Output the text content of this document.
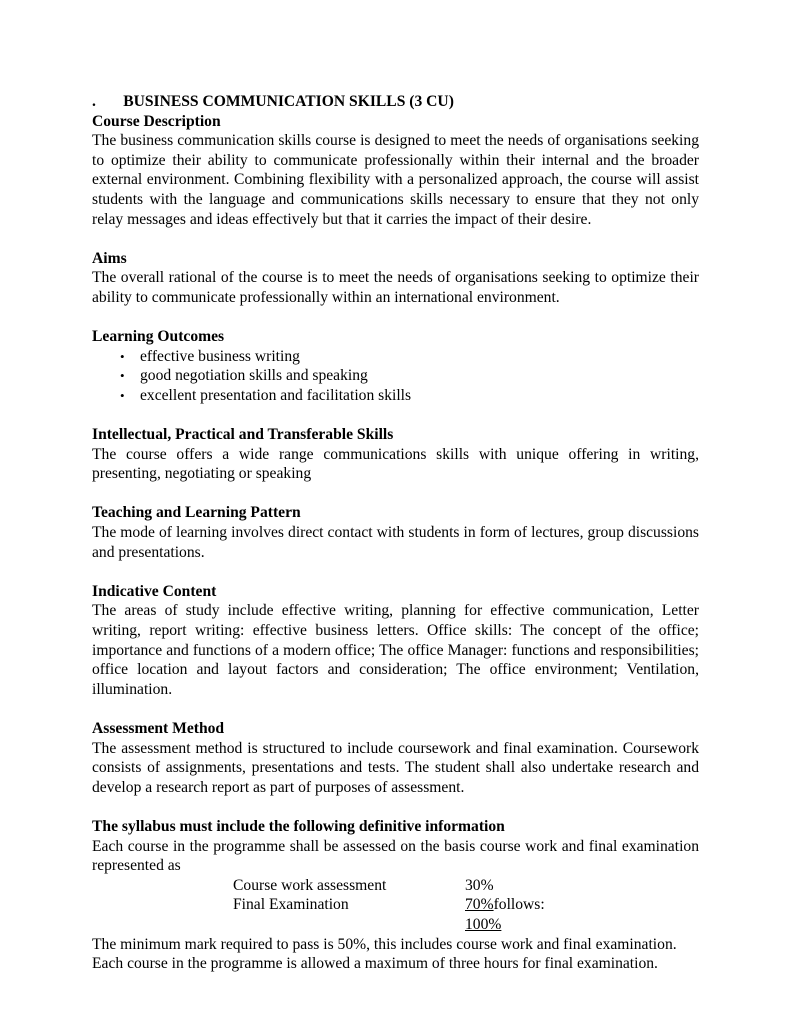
.	BUSINESS COMMUNICATION SKILLS (3 CU)
Course Description

The business communication skills course is designed to meet the needs of organisations seeking to optimize their ability to communicate professionally within their internal and the broader external environment. Combining flexibility with a personalized approach, the course will assist students with the language and communications skills necessary to ensure that they not only relay messages and ideas effectively but that it carries the impact of their desire.

Aims

The overall rational of the course is to meet the needs of organisations seeking to optimize their ability to communicate professionally within an international environment.

Learning Outcomes
• effective business writing
• good negotiation skills and speaking
• excellent presentation and facilitation skills

Intellectual, Practical and Transferable Skills

The course offers a wide range communications skills with unique offering in writing, presenting, negotiating or speaking

Teaching and Learning Pattern

The mode of learning involves direct contact with students in form of lectures, group discussions and presentations.

Indicative Content

The areas of study include effective writing, planning for effective communication, Letter writing, report writing: effective business letters. Office skills: The concept of the office; importance and functions of a modern office; The office Manager: functions and responsibilities; office location and layout factors and consideration; The office environment; Ventilation, illumination.

Assessment Method

The assessment method is structured to include coursework and final examination. Coursework consists of assignments, presentations and tests. The student shall also undertake research and develop a research report as part of purposes of assessment.

The syllabus must include the following definitive information

Each course in the programme shall be assessed on the basis course work and final examination represented as

Course work assessment	30%
Final Examination	70%follows:
	100%

The minimum mark required to pass is 50%, this includes course work and final examination.

Each course in the programme is allowed a maximum of three hours for final examination.
